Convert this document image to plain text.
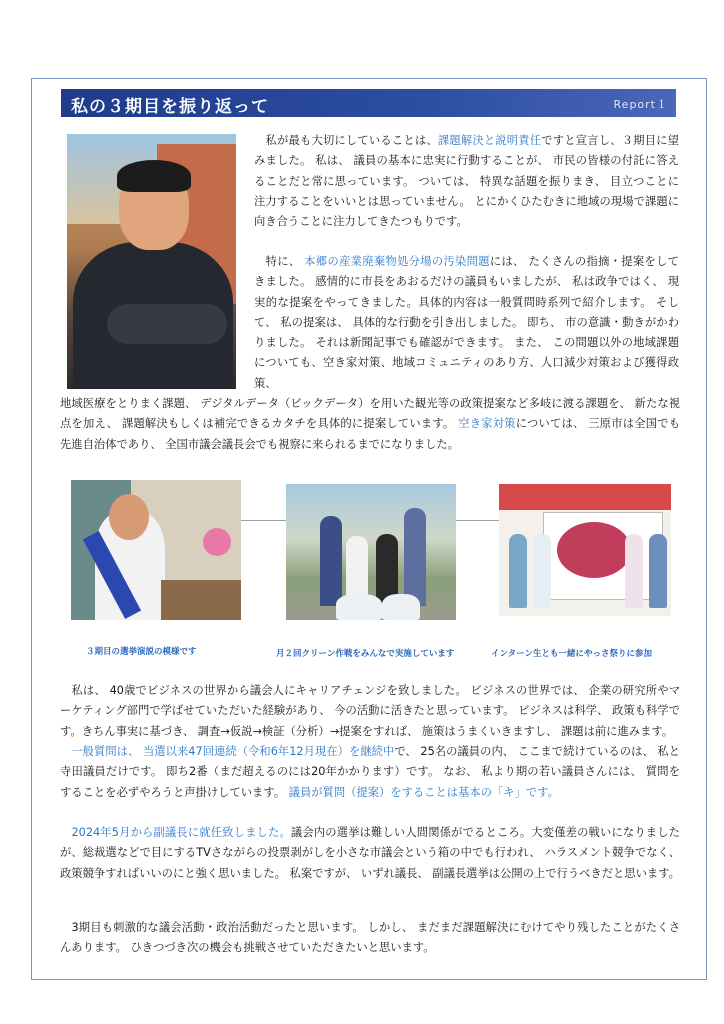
私の３期目を振り返って	Report１

　私が最も大切にしていることは、課題解決と説明責任ですと宣言し、３期目に望みました。 私は、 議員の基本に忠実に行動することが、 市民の皆様の付託に答えることだと常に思っています。 ついては、 特異な話題を振りまき、 目立つことに注力することをいいとは思っていません。 とにかくひたむきに地域の現場で課題に向き合うことに注力してきたつもりです。

　特に、 本郷の産業廃棄物処分場の汚染問題には、 たくさんの指摘・提案をしてきました。 感情的に市長をあおるだけの議員もいましたが、 私は政争ではく、 現実的な提案をやってきました。具体的内容は一般質問時系列で紹介します。 そして、 私の提案は、 具体的な行動を引き出しました。 即ち、 市の意識・動きがかわりました。 それは新聞記事でも確認ができます。 また、 この問題以外の地域課題についても、空き家対策、地域コミュニティのあり方、人口減少対策および獲得政策、

地域医療をとりまく課題、 デジタルデータ（ビックデータ）を用いた観光等の政策提案など多岐に渡る課題を、 新たな視点を加え、 課題解決もしくは補完できるカタチを具体的に提案しています。 空き家対策については、 三原市は全国でも先進自治体であり、 全国市議会議長会でも視察に来られるまでになりました。

３期目の選挙演説の模様です	月２回クリーン作戦をみんなで実施しています	インターン生とも一緒にやっさ祭りに参加

　私は、 40歳でビジネスの世界から議会人にキャリアチェンジを致しました。 ビジネスの世界では、 企業の研究所やマーケティング部門で学ばせていただいた経験があり、 今の活動に活きたと思っています。 ビジネスは科学、 政策も科学です。きちん事実に基づき、 調査→仮説→検証（分析）→提案をすれば、 施策はうまくいきますし、 課題は前に進みます。

　一般質問は、 当選以来47回連続（令和6年12月現在）を継続中で、 25名の議員の内、 ここまで続けているのは、 私と寺田議員だけです。 即ち2番（まだ超えるのには20年かかります）です。 なお、 私より期の若い議員さんには、 質問をすることを必ずやろうと声掛けしています。 議員が質問（提案）をすることは基本の「キ」です。

　2024年5月から副議長に就任致しました。議会内の選挙は難しい人間関係がでるところ。大変僅差の戦いになりましたが、総裁選などで目にするTVさながらの投票剥がしを小さな市議会という箱の中でも行われ、 ハラスメント競争でなく、 政策競争すればいいのにと強く思いました。 私案ですが、 いずれ議長、 副議長選挙は公開の上で行うべきだと思います。

　3期目も刺激的な議会活動・政治活動だったと思います。 しかし、 まだまだ課題解決にむけてやり残したことがたくさんあります。 ひきつづき次の機会も挑戦させていただきたいと思います。
